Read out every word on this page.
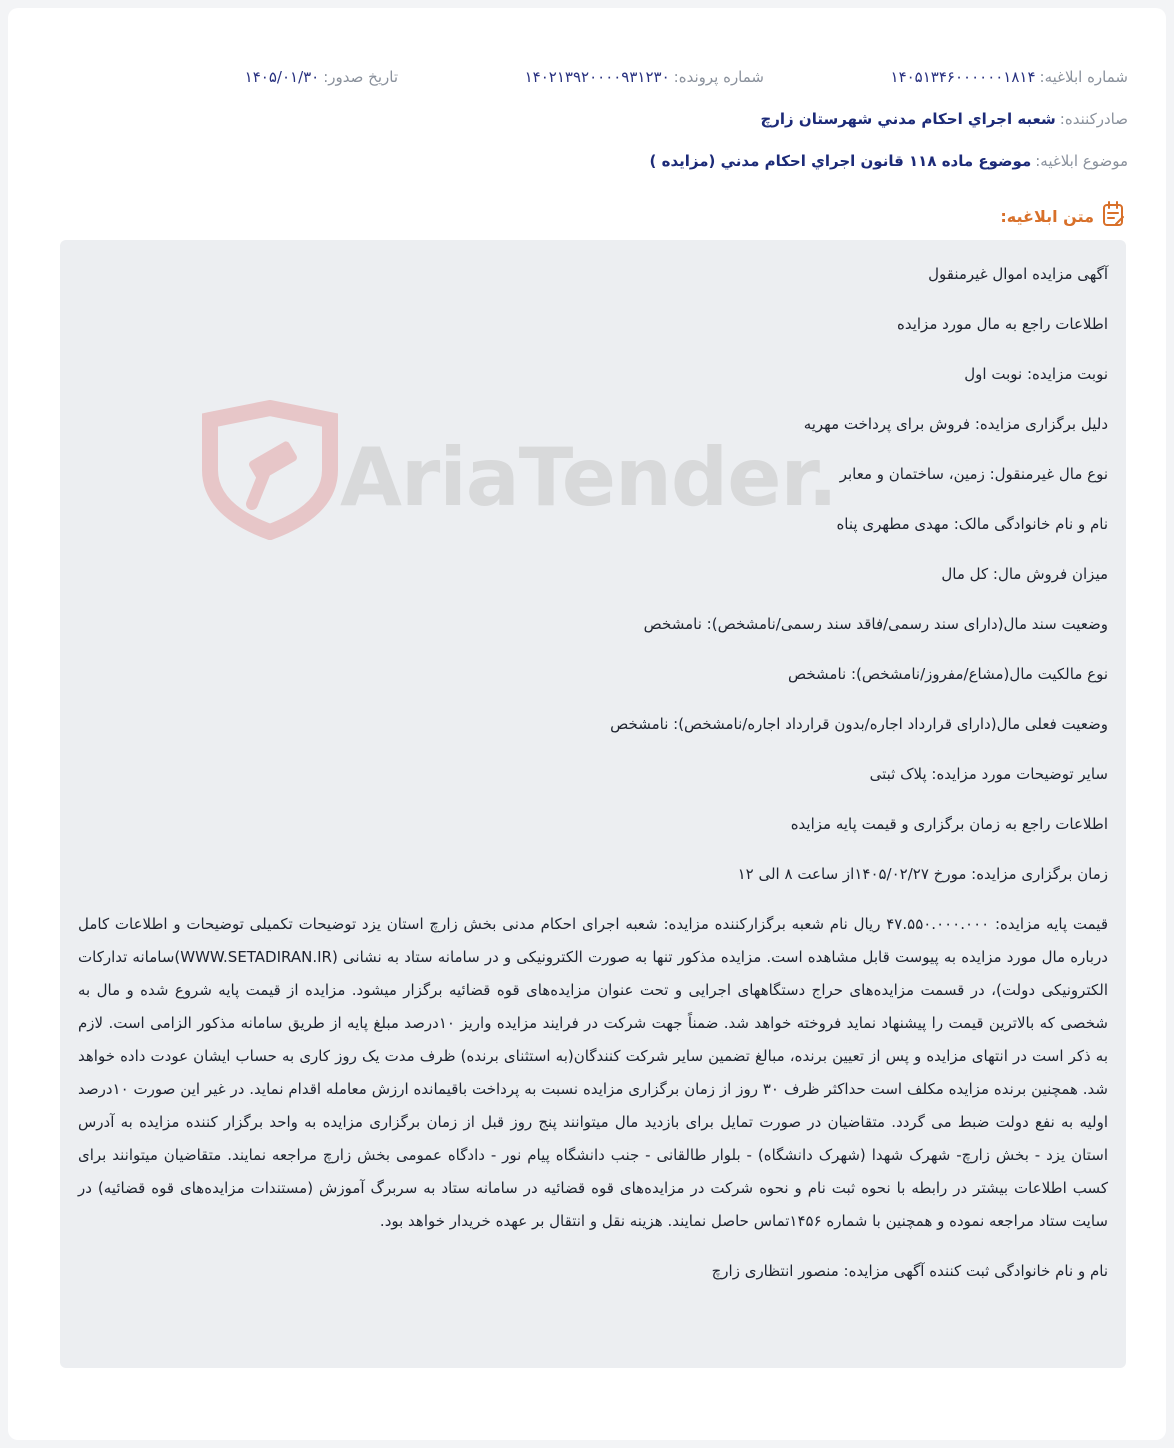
شماره ابلاغیه:
۱۴۰۵۱۳۴۶۰۰۰۰۰۰۱۸۱۴
شماره پرونده:
۱۴۰۲۱۳۹۲۰۰۰۰۹۳۱۲۳۰
تاریخ صدور:
۱۴۰۵/۰۱/۳۰
صادرکننده:
شعبه اجراي احكام مدني شهرستان زارچ
موضوع ابلاغیه:
موضوع ماده ۱۱۸ قانون اجراي احكام مدني (مزايده )
متن ابلاغیه:
AriaTender.

آگهی مزایده اموال غیرمنقول

اطلاعات راجع به مال مورد مزایده

نوبت مزایده: نوبت اول

دلیل برگزاری مزایده: فروش برای پرداخت مهریه

نوع مال غیرمنقول: زمین، ساختمان و معابر

نام و نام خانوادگی مالک: مهدی مطهری پناه

میزان فروش مال: کل مال

وضعیت سند مال(دارای سند رسمی/فاقد سند رسمی/نامشخص): نامشخص

نوع مالکیت مال(مشاع/مفروز/نامشخص): نامشخص

وضعیت فعلی مال(دارای قرارداد اجاره/بدون قرارداد اجاره/نامشخص): نامشخص

سایر توضیحات مورد مزایده: پلاک ثبتی

اطلاعات راجع به زمان برگزاری و قیمت پایه مزایده

زمان برگزاری مزایده: مورخ ۱۴۰۵/۰۲/۲۷از ساعت ۸ الی ۱۲

قیمت پایه مزایده: ۴۷.۵۵۰.۰۰۰.۰۰۰ ریال نام شعبه برگزارکننده مزایده: شعبه اجرای احکام مدنی بخش زارچ استان یزد توضیحات تکمیلی توضیحات و اطلاعات کامل درباره مال مورد مزایده به پیوست قابل مشاهده است. مزایده مذکور تنها به صورت الکترونیکی و در سامانه ستاد به نشانی (WWW.SETADIRAN.IR)سامانه تدارکات الکترونیکی دولت)، در قسمت مزایده‌های حراج دستگاههای اجرایی و تحت عنوان مزایده‌های قوه قضائیه برگزار میشود. مزایده از قیمت پایه شروع شده و مال به شخصی که بالاترین قیمت را پیشنهاد نماید فروخته خواهد شد. ضمناً جهت شرکت در فرایند مزایده واریز ۱۰درصد مبلغ پایه از طریق سامانه مذکور الزامی است. لازم به ذکر است در انتهای مزایده و پس از تعیین برنده، مبالغ تضمین سایر شرکت کنندگان(به استثنای برنده) ظرف مدت یک روز کاری به حساب ایشان عودت داده خواهد شد. همچنین برنده مزایده مکلف است حداکثر ظرف ۳۰ روز از زمان برگزاری مزایده نسبت به پرداخت باقیمانده ارزش معامله اقدام نماید. در غیر این صورت ۱۰درصد اولیه به نفع دولت ضبط می گردد. متقاضیان در صورت تمایل برای بازدید مال میتوانند پنج روز قبل از زمان برگزاری مزایده به واحد برگزار کننده مزایده به آدرس استان یزد - بخش زارچ- شهرک شهدا (شهرک دانشگاه) - بلوار طالقانی - جنب دانشگاه پیام نور - دادگاه عمومی بخش زارچ مراجعه نمایند. متقاضیان میتوانند برای کسب اطلاعات بیشتر در رابطه با نحوه ثبت نام و نحوه شرکت در مزایده‌های قوه قضائیه در سامانه ستاد به سربرگ آموزش (مستندات مزایده‌های قوه قضائیه) در سایت ستاد مراجعه نموده و همچنین با شماره ۱۴۵۶تماس حاصل نمایند. هزینه نقل و انتقال بر عهده خریدار خواهد بود.

نام و نام خانوادگی ثبت کننده آگهی مزایده: منصور انتظاری زارچ
